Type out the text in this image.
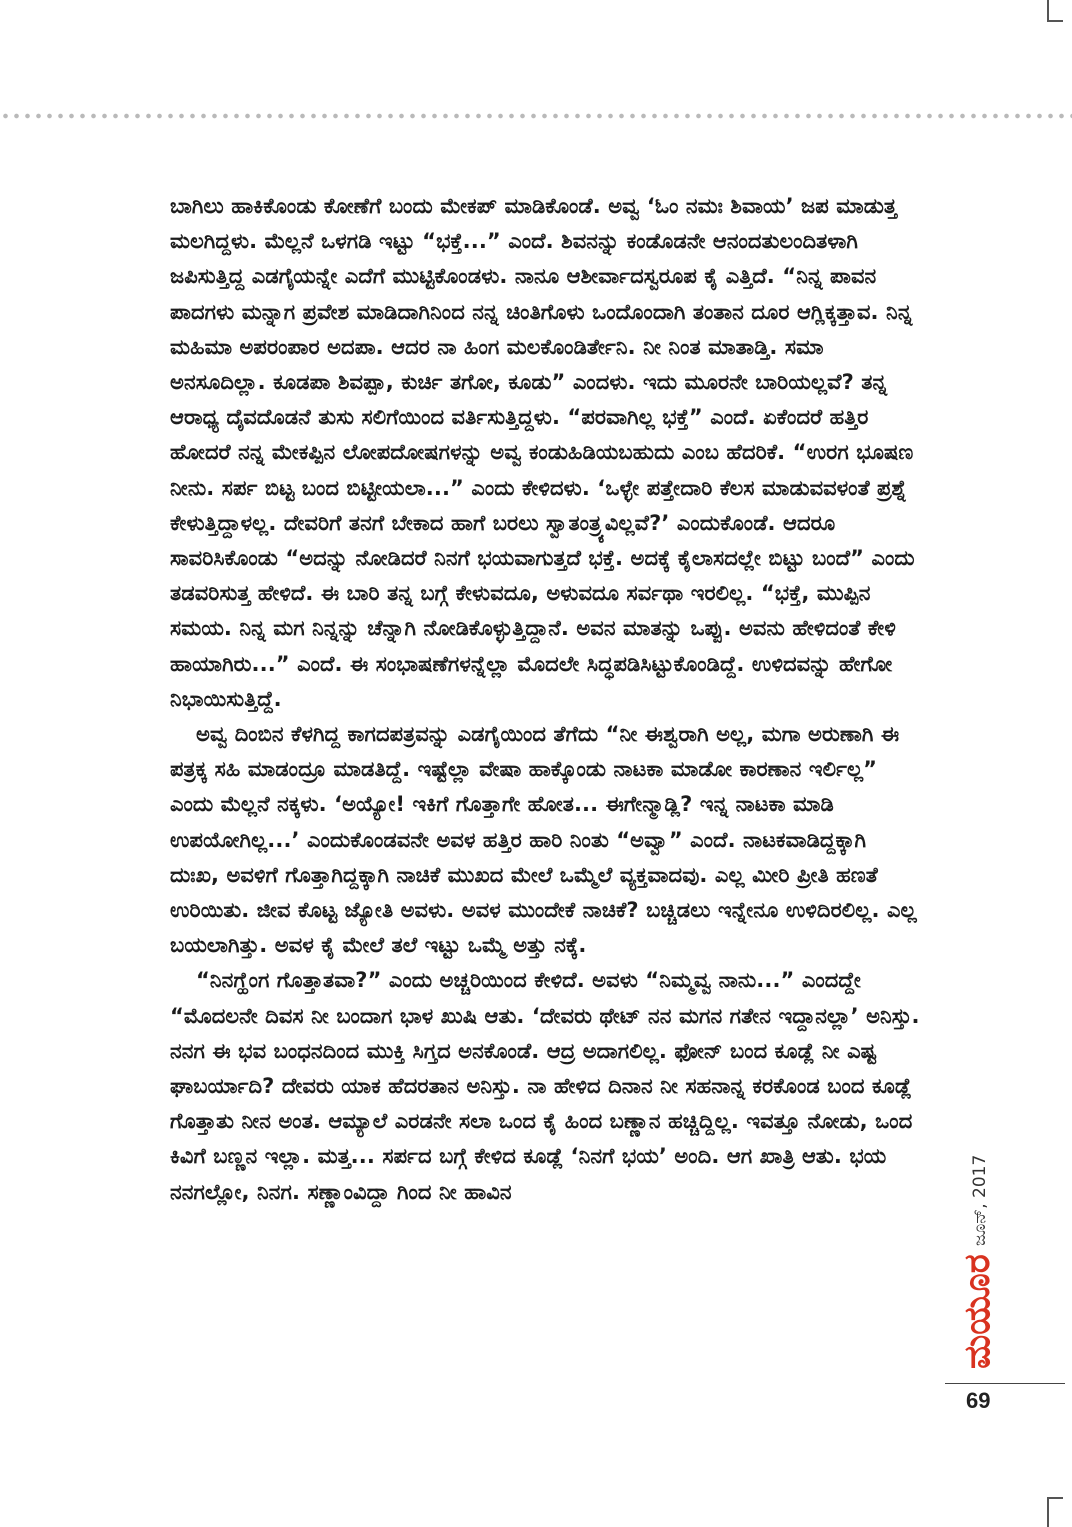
ಬಾಗಿಲು ಹಾಕಿಕೊಂಡು ಕೋಣೆಗೆ ಬಂದು ಮೇಕಪ್ ಮಾಡಿಕೊಂಡೆ. ಅವ್ವ ‘ಓಂ ನಮಃ ಶಿವಾಯ’ ಜಪ ಮಾಡುತ್ತ ಮಲಗಿದ್ದಳು. ಮೆಲ್ಲನೆ ಒಳಗಡಿ ಇಟ್ಟು “ಭಕ್ತೆ...” ಎಂದೆ. ಶಿವನನ್ನು ಕಂಡೊಡನೇ ಆನಂದತುಲಂದಿತಳಾಗಿ ಜಪಿಸುತ್ತಿದ್ದ ಎಡಗೈಯನ್ನೇ ಎದೆಗೆ ಮುಟ್ಟಿಕೊಂಡಳು. ನಾನೂ ಆಶೀರ್ವಾದಸ್ವರೂಪ ಕೈ ಎತ್ತಿದೆ. “ನಿನ್ನ ಪಾವನ ಪಾದಗಳು ಮನ್ನಾಗ ಪ್ರವೇಶ ಮಾಡಿದಾಗಿನಿಂದ ನನ್ನ ಚಿಂತಿಗೊಳು ಒಂದೊಂದಾಗಿ ತಂತಾನ ದೂರ ಆಗ್ಲಿಕ್ಕತ್ತಾವ. ನಿನ್ನ ಮಹಿಮಾ ಅಪರಂಪಾರ ಅದಪಾ. ಆದರ ನಾ ಹಿಂಗ ಮಲಕೊಂಡಿರ್ತೇನಿ. ನೀ ನಿಂತ ಮಾತಾಡ್ತಿ. ಸಮಾ ಅನಸೂದಿಲ್ಲಾ. ಕೂಡಪಾ ಶಿವಪ್ಪಾ, ಕುರ್ಚಿ ತಗೋ, ಕೂಡು” ಎಂದಳು. ಇದು ಮೂರನೇ ಬಾರಿಯಲ್ಲವೆ? ತನ್ನ ಆರಾಧ್ಯ ದೈವದೊಡನೆ ತುಸು ಸಲಿಗೆಯಿಂದ ವರ್ತಿಸುತ್ತಿದ್ದಳು. “ಪರವಾಗಿಲ್ಲ ಭಕ್ತೆ” ಎಂದೆ. ಏಕೆಂದರೆ ಹತ್ತಿರ ಹೋದರೆ ನನ್ನ ಮೇಕಪ್ಪಿನ ಲೋಪದೋಷಗಳನ್ನು ಅವ್ವ ಕಂಡುಹಿಡಿಯಬಹುದು ಎಂಬ ಹೆದರಿಕೆ. “ಉರಗ ಭೂಷಣ ನೀನು. ಸರ್ಪ ಬಿಟ್ಟ ಬಂದ ಬಿಟ್ಟೀಯಲಾ...” ಎಂದು ಕೇಳಿದಳು. ‘ಒಳ್ಳೇ ಪತ್ತೇದಾರಿ ಕೆಲಸ ಮಾಡುವವಳಂತೆ ಪ್ರಶ್ನೆ ಕೇಳುತ್ತಿದ್ದಾಳಲ್ಲ. ದೇವರಿಗೆ ತನಗೆ ಬೇಕಾದ ಹಾಗೆ ಬರಲು ಸ್ವಾತಂತ್ರ್ಯವಿಲ್ಲವೆ?’ ಎಂದುಕೊಂಡೆ. ಆದರೂ ಸಾವರಿಸಿಕೊಂಡು “ಅದನ್ನು ನೋಡಿದರೆ ನಿನಗೆ ಭಯವಾಗುತ್ತದೆ ಭಕ್ತೆ. ಅದಕ್ಕೆ ಕೈಲಾಸದಲ್ಲೇ ಬಿಟ್ಟು ಬಂದೆ” ಎಂದು ತಡವರಿಸುತ್ತ ಹೇಳಿದೆ. ಈ ಬಾರಿ ತನ್ನ ಬಗ್ಗೆ ಕೇಳುವದೂ, ಅಳುವದೂ ಸರ್ವಥಾ ಇರಲಿಲ್ಲ. “ಭಕ್ತೆ, ಮುಪ್ಪಿನ ಸಮಯ. ನಿನ್ನ ಮಗ ನಿನ್ನನ್ನು ಚೆನ್ನಾಗಿ ನೋಡಿಕೊಳ್ಳುತ್ತಿದ್ದಾನೆ. ಅವನ ಮಾತನ್ನು ಒಪ್ಪು. ಅವನು ಹೇಳಿದಂತೆ ಕೇಳಿ ಹಾಯಾಗಿರು...” ಎಂದೆ. ಈ ಸಂಭಾಷಣೆಗಳನ್ನೆಲ್ಲಾ ಮೊದಲೇ ಸಿದ್ಧಪಡಿಸಿಟ್ಟುಕೊಂಡಿದ್ದೆ. ಉಳಿದವನ್ನು ಹೇಗೋ ನಿಭಾಯಿಸುತ್ತಿದ್ದೆ.

ಅವ್ವ ದಿಂಬಿನ ಕೆಳಗಿದ್ದ ಕಾಗದಪತ್ರವನ್ನು ಎಡಗೈಯಿಂದ ತೆಗೆದು “ನೀ ಈಶ್ವರಾಗಿ ಅಲ್ಲ, ಮಗಾ ಅರುಣಾಗಿ ಈ ಪತ್ರಕ್ಕ ಸಹಿ ಮಾಡಂದ್ರೂ ಮಾಡತಿದ್ದೆ. ಇಷ್ಟೆಲ್ಲಾ ವೇಷಾ ಹಾಕ್ಕೊಂಡು ನಾಟಕಾ ಮಾಡೋ ಕಾರಣಾನ ಇರ್ಲಿಲ್ಲ” ಎಂದು ಮೆಲ್ಲನೆ ನಕ್ಕಳು. ‘ಅಯ್ಯೋ! ಇಕಿಗೆ ಗೊತ್ತಾಗೇ ಹೋತ... ಈಗೇನ್ಮಾಡ್ಲಿ? ಇನ್ನ ನಾಟಕಾ ಮಾಡಿ ಉಪಯೋಗಿಲ್ಲ...’ ಎಂದುಕೊಂಡವನೇ ಅವಳ ಹತ್ತಿರ ಹಾರಿ ನಿಂತು “ಅವ್ವಾ” ಎಂದೆ. ನಾಟಕವಾಡಿದ್ದಕ್ಕಾಗಿ ದುಃಖ, ಅವಳಿಗೆ ಗೊತ್ತಾಗಿದ್ದಕ್ಕಾಗಿ ನಾಚಿಕೆ ಮುಖದ ಮೇಲೆ ಒಮ್ಮೆಲೆ ವ್ಯಕ್ತವಾದವು. ಎಲ್ಲ ಮೀರಿ ಪ್ರೀತಿ ಹಣತೆ ಉರಿಯಿತು. ಜೀವ ಕೊಟ್ಟ ಜ್ಯೋತಿ ಅವಳು. ಅವಳ ಮುಂದೇಕೆ ನಾಚಿಕೆ? ಬಚ್ಚಿಡಲು ಇನ್ನೇನೂ ಉಳಿದಿರಲಿಲ್ಲ. ಎಲ್ಲ ಬಯಲಾಗಿತ್ತು. ಅವಳ ಕೈ ಮೇಲೆ ತಲೆ ಇಟ್ಟು ಒಮ್ಮೆ ಅತ್ತು ನಕ್ಕೆ.

“ನಿನಗ್ಹೆಂಗ ಗೊತ್ತಾತವಾ?” ಎಂದು ಅಚ್ಚರಿಯಿಂದ ಕೇಳಿದೆ. ಅವಳು “ನಿಮ್ಮವ್ವ ನಾನು...” ಎಂದದ್ದೇ “ಮೊದಲನೇ ದಿವಸ ನೀ ಬಂದಾಗ ಭಾಳ ಖುಷಿ ಆತು. ‘ದೇವರು ಥೇಟ್ ನನ ಮಗನ ಗತೇನ ಇದ್ದಾನಲ್ಲಾ’ ಅನಿಸ್ತು. ನನಗ ಈ ಭವ ಬಂಧನದಿಂದ ಮುಕ್ತಿ ಸಿಗ್ತದ ಅನಕೊಂಡೆ. ಆದ್ರ ಅದಾಗಲಿಲ್ಲ. ಫೋನ್ ಬಂದ ಕೂಡ್ಲೆ ನೀ ಎಷ್ಟ ಘಾಬರ್ಯಾದಿ? ದೇವರು ಯಾಕ ಹೆದರತಾನ ಅನಿಸ್ತು. ನಾ ಹೇಳಿದ ದಿನಾನ ನೀ ಸಹನಾನ್ನ ಕರಕೊಂಡ ಬಂದ ಕೂಡ್ಲೆ ಗೊತ್ತಾತು ನೀನ ಅಂತ. ಆಮ್ಯಾಲೆ ಎರಡನೇ ಸಲಾ ಒಂದ ಕೈ ಹಿಂದ ಬಣ್ಣಾನ ಹಚ್ಚಿದ್ದಿಲ್ಲ. ಇವತ್ತೂ ನೋಡು, ಒಂದ ಕಿವಿಗೆ ಬಣ್ಣನ ಇಲ್ಲಾ. ಮತ್ತ... ಸರ್ಪದ ಬಗ್ಗೆ ಕೇಳಿದ ಕೂಡ್ಲೆ ‘ನಿನಗೆ ಭಯ’ ಅಂದಿ. ಆಗ ಖಾತ್ರಿ ಆತು. ಭಯ ನನಗಲ್ಲೋ, ನಿನಗ. ಸಣ್ಣಾಂವಿದ್ದಾ ಗಿಂದ ನೀ ಹಾವಿನ	ಜೂನ್, 2017
ಮಯೂರ
69
